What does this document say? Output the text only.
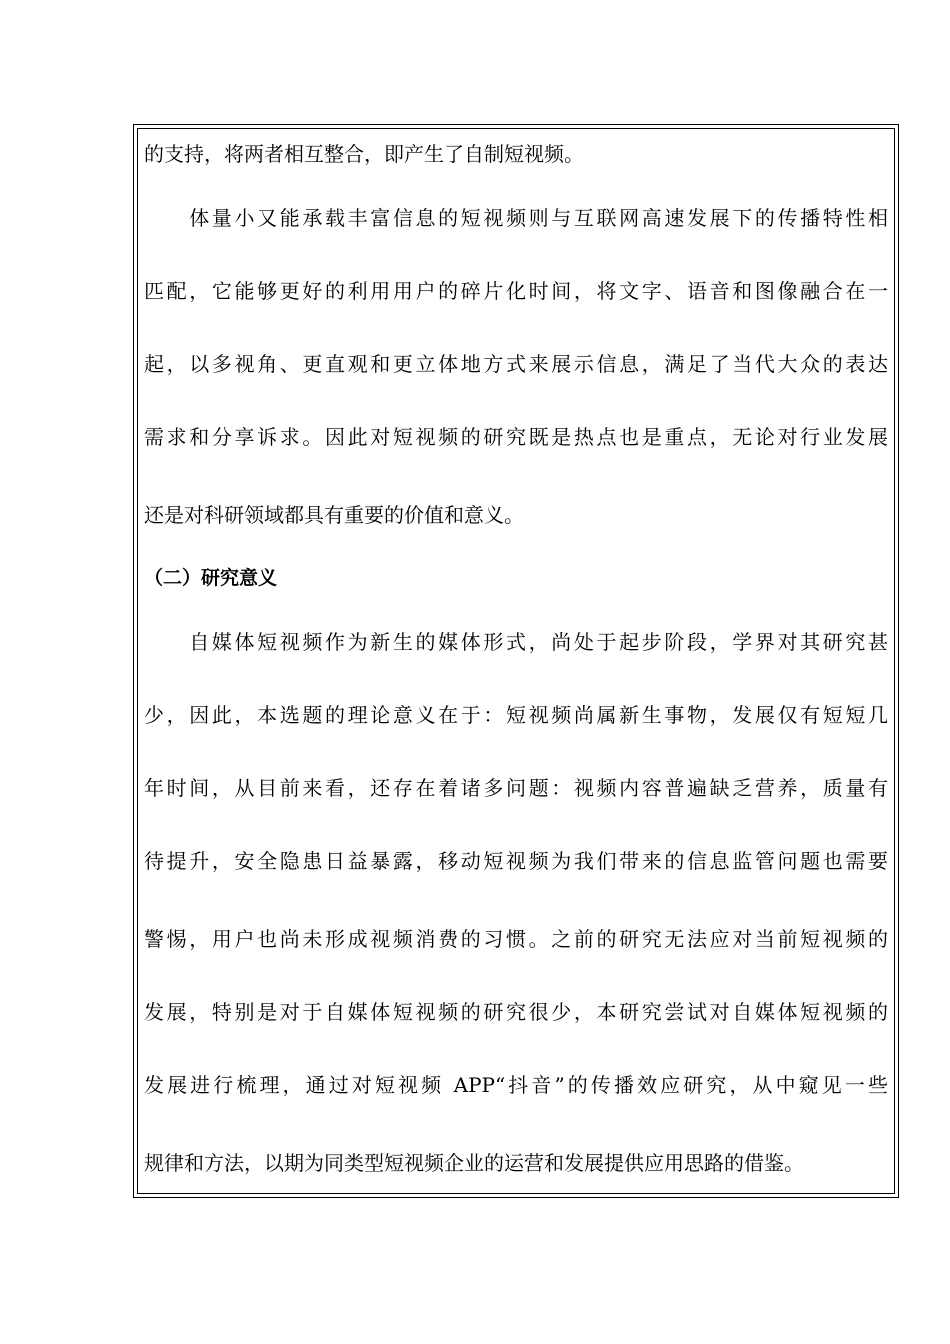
的支持，将两者相互整合，即产生了自制短视频。
　　体量小又能承载丰富信息的短视频则与互联网高速发展下的传播特性相
匹配，它能够更好的利用用户的碎片化时间，将文字、语音和图像融合在一
起，以多视角、更直观和更立体地方式来展示信息，满足了当代大众的表达
需求和分享诉求。因此对短视频的研究既是热点也是重点，无论对行业发展
还是对科研领域都具有重要的价值和意义。
（二）研究意义
　　自媒体短视频作为新生的媒体形式，尚处于起步阶段，学界对其研究甚
少，因此，本选题的理论意义在于：短视频尚属新生事物，发展仅有短短几
年时间，从目前来看，还存在着诸多问题：视频内容普遍缺乏营养，质量有
待提升，安全隐患日益暴露，移动短视频为我们带来的信息监管问题也需要
警惕，用户也尚未形成视频消费的习惯。之前的研究无法应对当前短视频的
发展，特别是对于自媒体短视频的研究很少，本研究尝试对自媒体短视频的
发展进行梳理，通过对短视频 APP“抖音”的传播效应研究，从中窥见一些
规律和方法，以期为同类型短视频企业的运营和发展提供应用思路的借鉴。
